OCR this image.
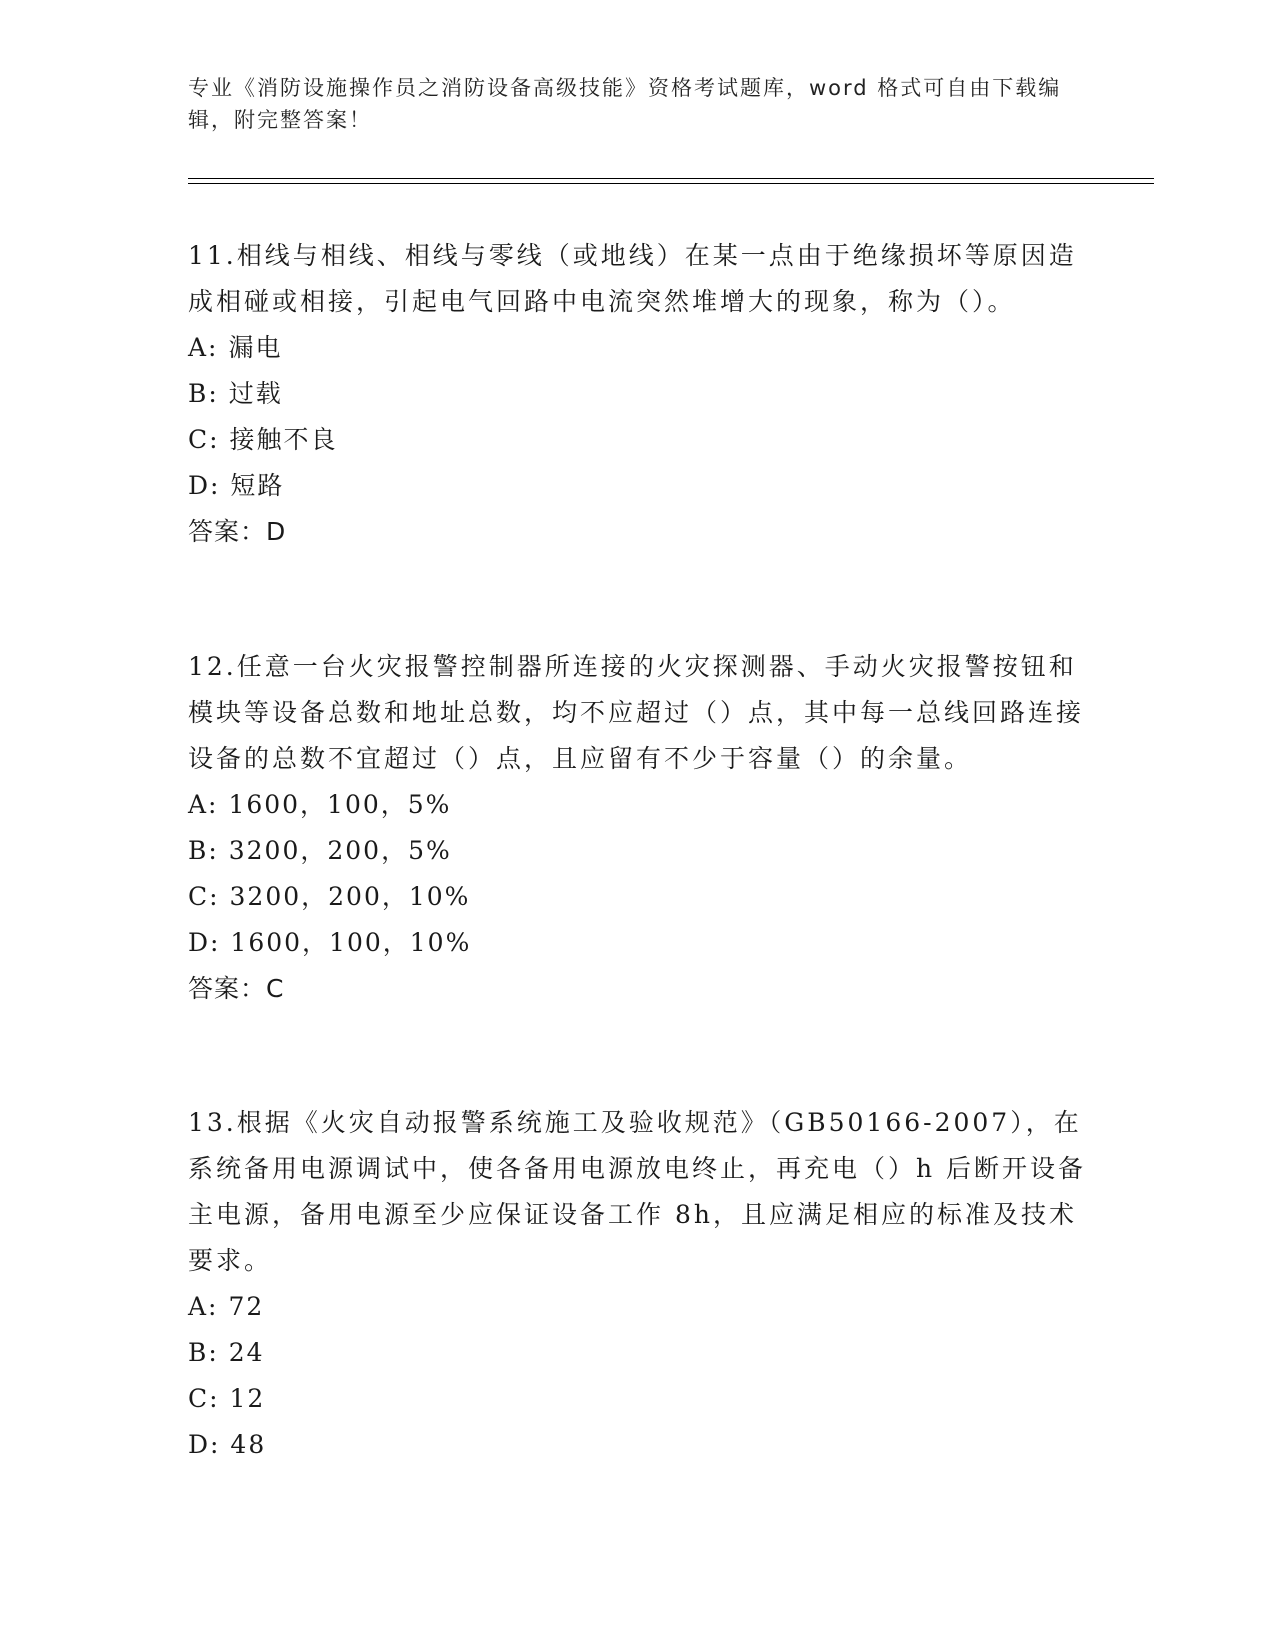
专业《消防设施操作员之消防设备高级技能》资格考试题库，word 格式可自由下载编辑，附完整答案！

11.相线与相线、相线与零线（或地线）在某一点由于绝缘损坏等原因造成相碰或相接，引起电气回路中电流突然堆增大的现象，称为（）。

A: 漏电

B: 过载

C: 接触不良

D: 短路

答案：D

12.任意一台火灾报警控制器所连接的火灾探测器、手动火灾报警按钮和模块等设备总数和地址总数，均不应超过（）点，其中每一总线回路连接设备的总数不宜超过（）点，且应留有不少于容量（）的余量。

A: 1600，100，5%

B: 3200，200，5%

C: 3200，200，10%

D: 1600，100，10%

答案：C

13.根据《火灾自动报警系统施工及验收规范》（GB50166-2007），在系统备用电源调试中，使各备用电源放电终止，再充电（）h 后断开设备主电源，备用电源至少应保证设备工作 8h，且应满足相应的标准及技术要求。

A: 72

B: 24

C: 12

D: 48
